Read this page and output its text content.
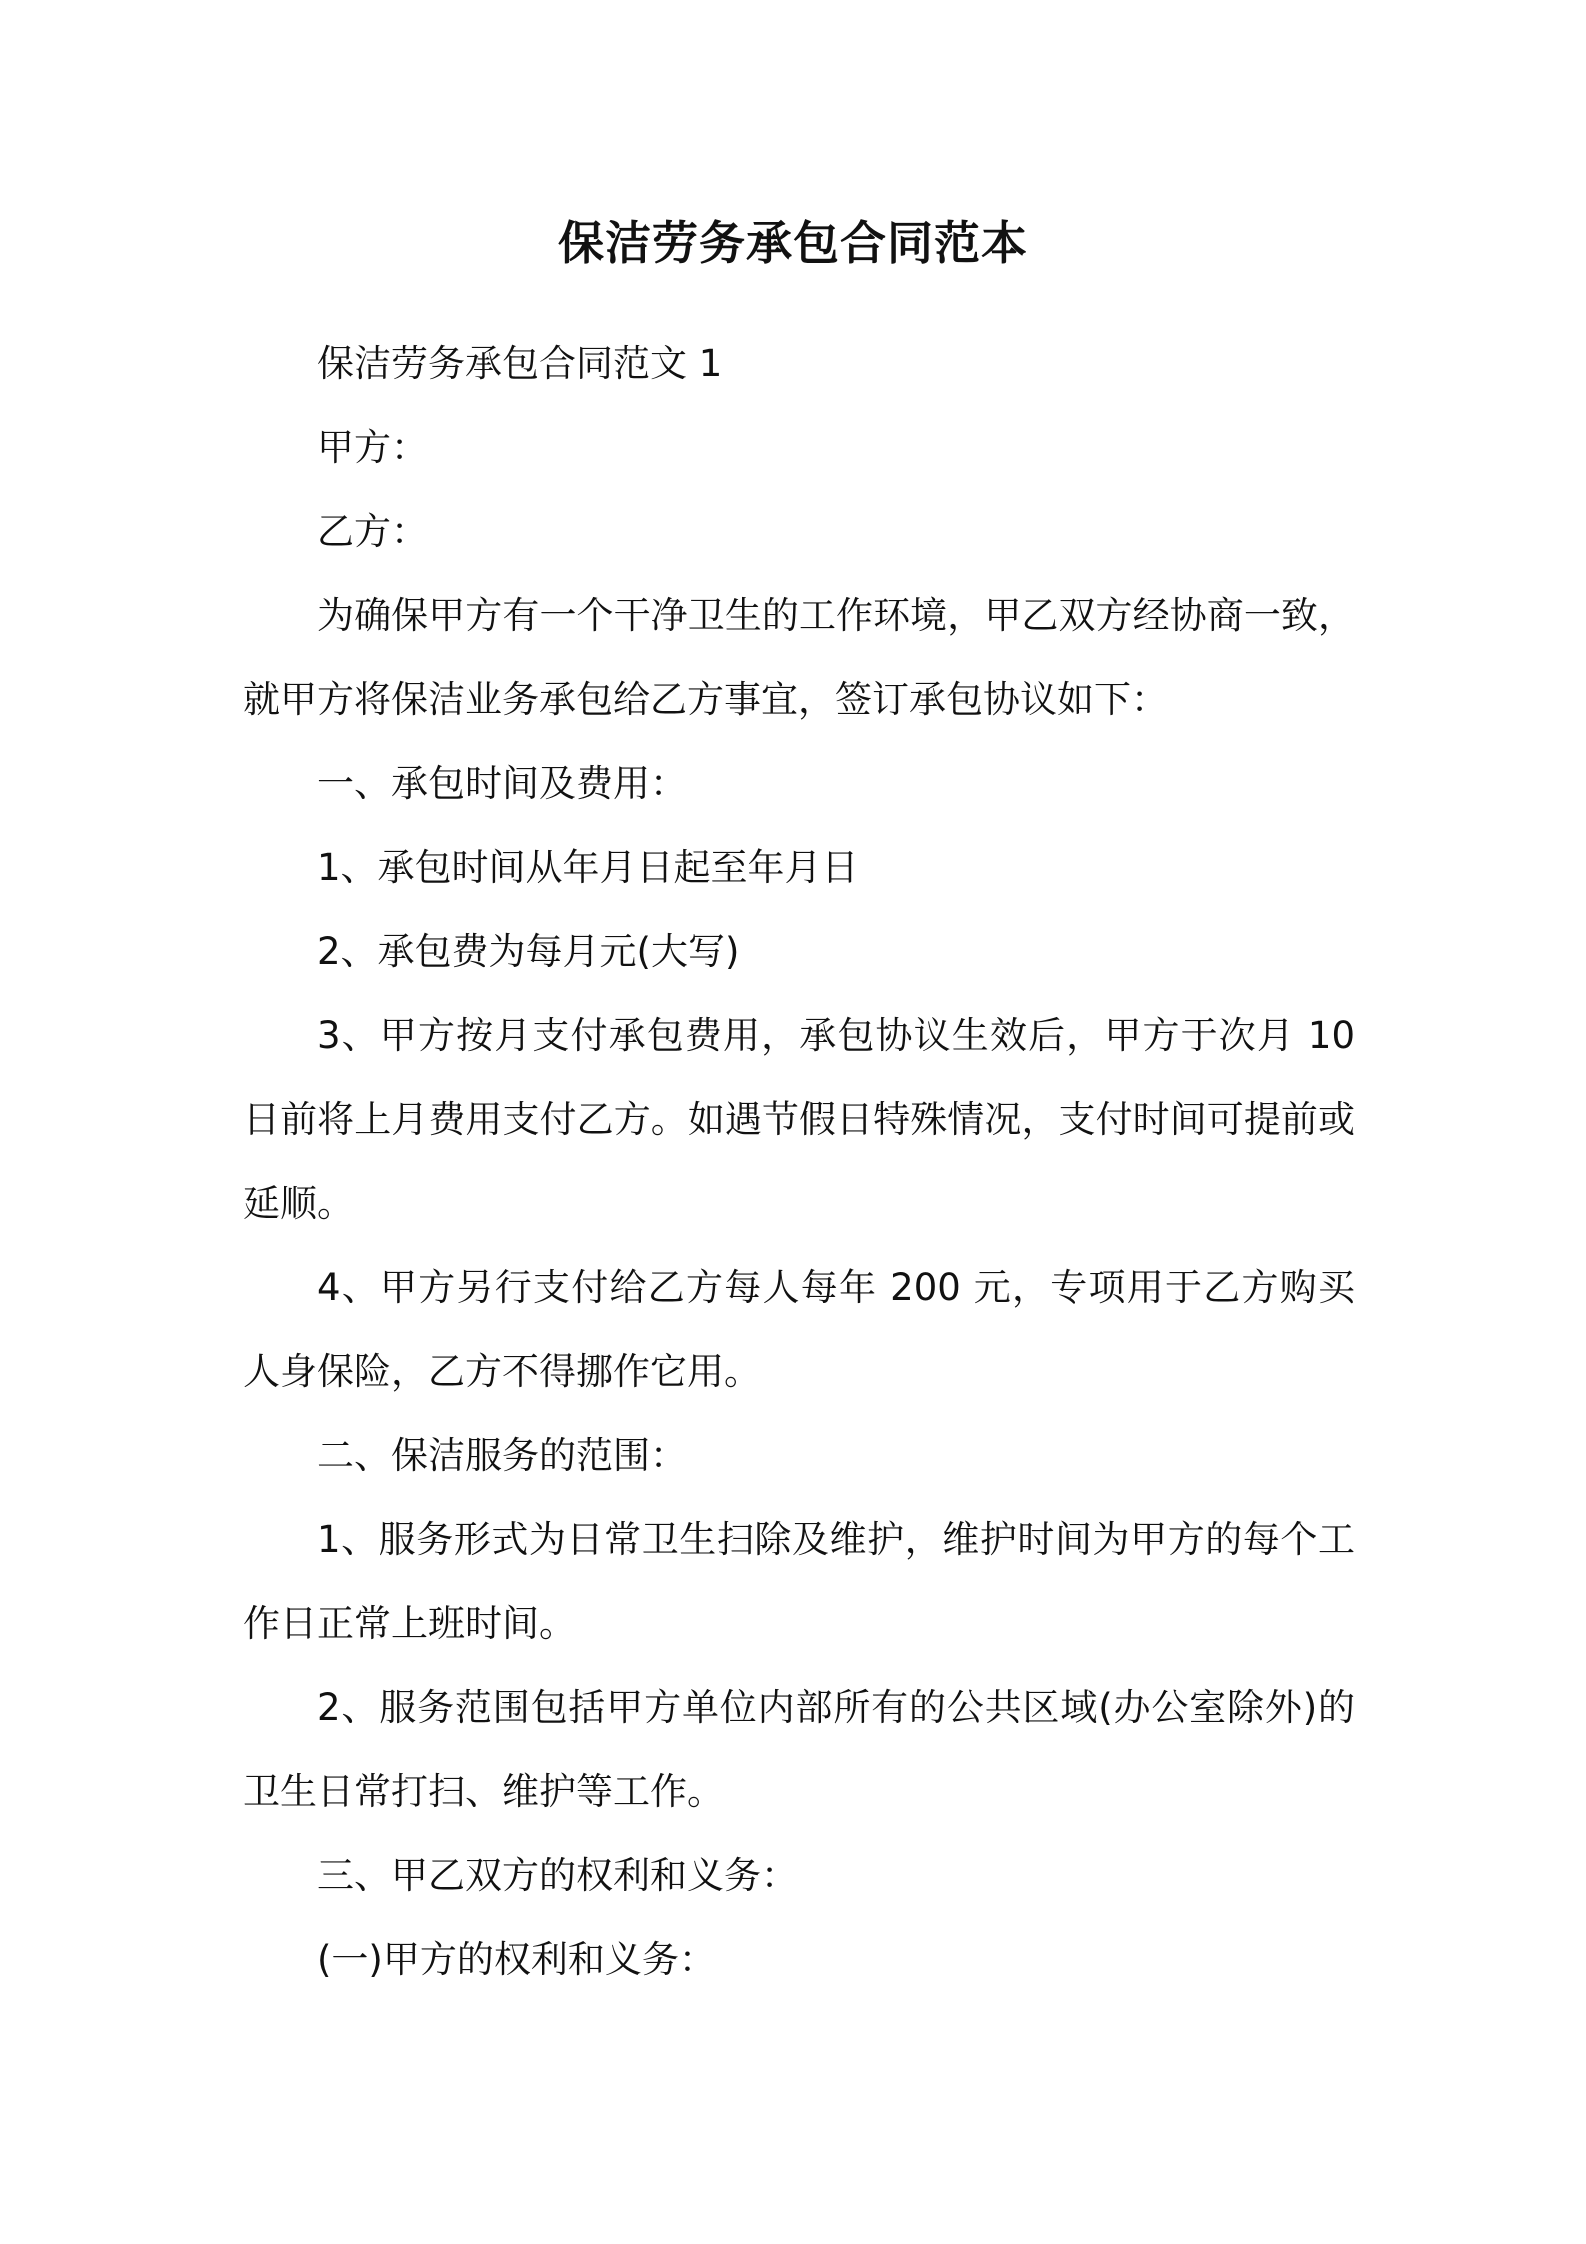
保洁劳务承包合同范本

保洁劳务承包合同范文 1

甲方：

乙方：

为确保甲方有一个干净卫生的工作环境，甲乙双方经协商一致，就甲方将保洁业务承包给乙方事宜，签订承包协议如下：

一、承包时间及费用：

1、承包时间从年月日起至年月日

2、承包费为每月元(大写)

3、甲方按月支付承包费用，承包协议生效后，甲方于次月 10 日前将上月费用支付乙方。如遇节假日特殊情况，支付时间可提前或延顺。

4、甲方另行支付给乙方每人每年 200 元，专项用于乙方购买人身保险，乙方不得挪作它用。

二、保洁服务的范围：

1、服务形式为日常卫生扫除及维护，维护时间为甲方的每个工作日正常上班时间。

2、服务范围包括甲方单位内部所有的公共区域(办公室除外)的卫生日常打扫、维护等工作。

三、甲乙双方的权利和义务：

(一)甲方的权利和义务：
